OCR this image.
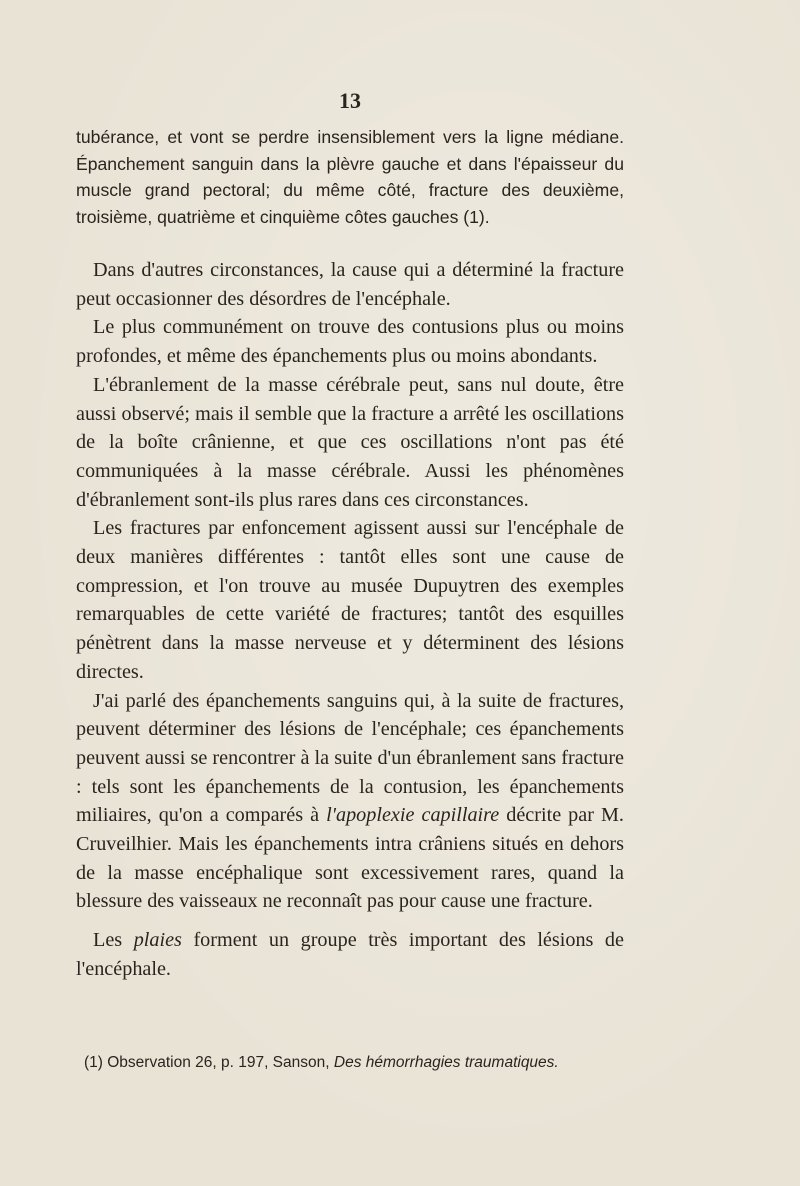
13
tubérance, et vont se perdre insensiblement vers la ligne médiane. Épanchement sanguin dans la plèvre gauche et dans l'épaisseur du muscle grand pectoral; du même côté, fracture des deuxième, troisième, quatrième et cinquième côtes gauches (1).

Dans d'autres circonstances, la cause qui a déterminé la fracture peut occasionner des désordres de l'encéphale.

Le plus communément on trouve des contusions plus ou moins profondes, et même des épanchements plus ou moins abondants.

L'ébranlement de la masse cérébrale peut, sans nul doute, être aussi observé; mais il semble que la fracture a arrêté les oscillations de la boîte crânienne, et que ces oscillations n'ont pas été communiquées à la masse cérébrale. Aussi les phénomènes d'ébranlement sont-ils plus rares dans ces circonstances.

Les fractures par enfoncement agissent aussi sur l'encéphale de deux manières différentes : tantôt elles sont une cause de compression, et l'on trouve au musée Dupuytren des exemples remarquables de cette variété de fractures; tantôt des esquilles pénètrent dans la masse nerveuse et y déterminent des lésions directes.

J'ai parlé des épanchements sanguins qui, à la suite de fractures, peuvent déterminer des lésions de l'encéphale; ces épanchements peuvent aussi se rencontrer à la suite d'un ébranlement sans fracture : tels sont les épanchements de la contusion, les épanchements miliaires, qu'on a comparés à l'apoplexie capillaire décrite par M. Cruveilhier. Mais les épanchements intra crâniens situés en dehors de la masse encéphalique sont excessivement rares, quand la blessure des vaisseaux ne reconnaît pas pour cause une fracture.

Les plaies forment un groupe très important des lésions de l'encéphale.

(1) Observation 26, p. 197, Sanson, Des hémorrhagies traumatiques.
